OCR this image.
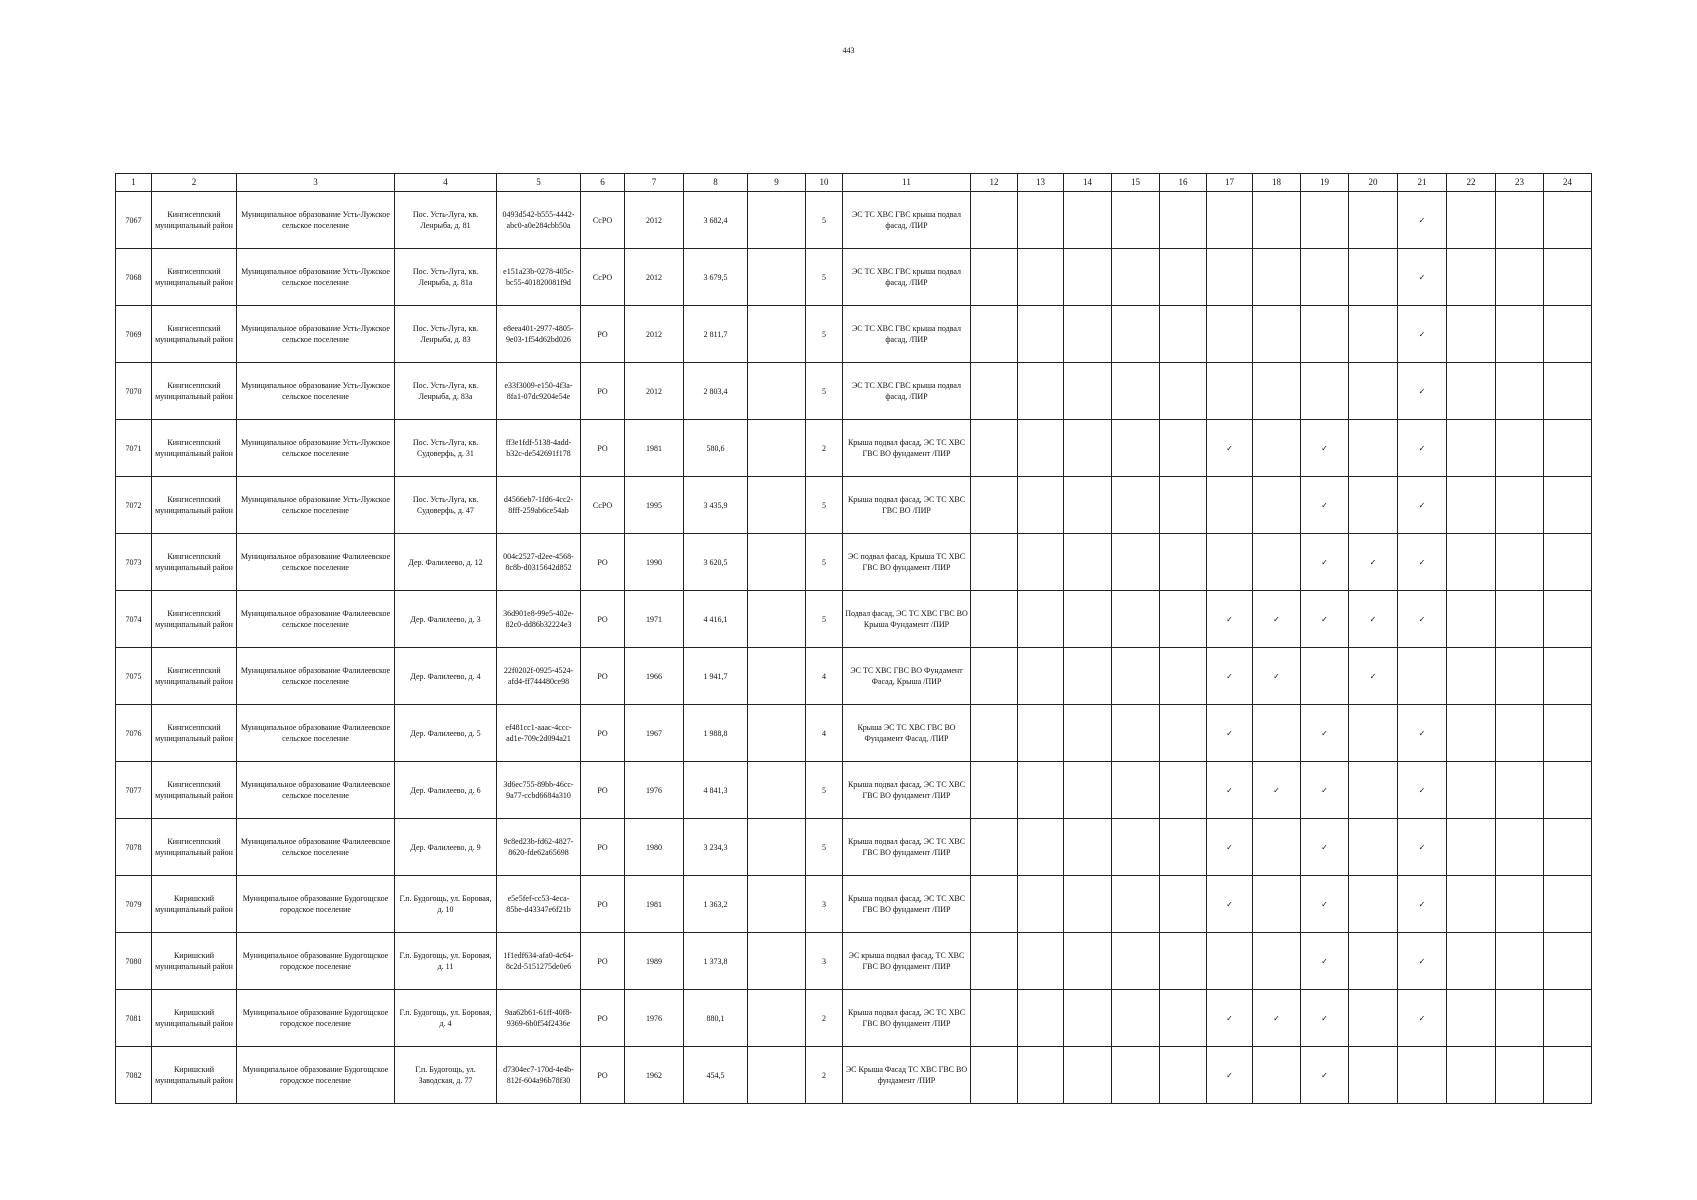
443
1	2	3	4	5	6	7	8	9	10	11	12	13	14	15	16	17	18	19	20	21	22	23	24
7067	Кингисеппский муниципальный район	Муниципальное образование Усть-Лужское сельское поселение	Пос. Усть-Луга, кв. Ленрыба, д. 81	0493d542-b555-4442-abc0-a0e284cbb50a	СсРО	2012	3 682,4		5	ЭС ТС ХВС ГВС крыша подвал фасад, /ПИР										✓			
7068	Кингисеппский муниципальный район	Муниципальное образование Усть-Лужское сельское поселение	Пос. Усть-Луга, кв. Ленрыба, д. 81а	e151a23b-0278-405c-bc55-401820081f9d	СсРО	2012	3 679,5		5	ЭС ТС ХВС ГВС крыша подвал фасад, /ПИР										✓			
7069	Кингисеппский муниципальный район	Муниципальное образование Усть-Лужское сельское поселение	Пос. Усть-Луга, кв. Ленрыба, д. 83	e8eea401-2977-4805-9e03-1f54d62bd026	РО	2012	2 811,7		5	ЭС ТС ХВС ГВС крыша подвал фасад, /ПИР										✓			
7070	Кингисеппский муниципальный район	Муниципальное образование Усть-Лужское сельское поселение	Пос. Усть-Луга, кв. Ленрыба, д. 83а	e33f3009-e150-4f3a-8fa1-07dc9204e54e	РО	2012	2 803,4		5	ЭС ТС ХВС ГВС крыша подвал фасад, /ПИР										✓			
7071	Кингисеппский муниципальный район	Муниципальное образование Усть-Лужское сельское поселение	Пос. Усть-Луга, кв. Судоверфь, д. 31	ff3e1fdf-5138-4add-b32c-de542691f178	РО	1981	580,6		2	Крыша подвал фасад, ЭС ТС ХВС ГВС ВО фундамент /ПИР						✓		✓		✓			
7072	Кингисеппский муниципальный район	Муниципальное образование Усть-Лужское сельское поселение	Пос. Усть-Луга, кв. Судоверфь, д. 47	d4566eb7-1fd6-4cc2-8fff-259ab6ce54ab	СсРО	1995	3 435,9		5	Крыша подвал фасад, ЭС ТС ХВС ГВС ВО /ПИР								✓		✓			
7073	Кингисеппский муниципальный район	Муниципальное образование Фалилеевское сельское поселение	Дер. Фалилеево, д. 12	004c2527-d2ee-4568-8c8b-d0315642d852	РО	1990	3 620,5		5	ЭС подвал фасад, Крыша ТС ХВС ГВС ВО фундамент /ПИР								✓	✓	✓			
7074	Кингисеппский муниципальный район	Муниципальное образование Фалилеевское сельское поселение	Дер. Фалилеево, д. 3	36d901e8-99e5-402e-82c0-dd86b32224e3	РО	1971	4 416,1		5	Подвал фасад, ЭС ТС ХВС ГВС ВО Крыша Фундамент /ПИР						✓	✓	✓	✓	✓			
7075	Кингисеппский муниципальный район	Муниципальное образование Фалилеевское сельское поселение	Дер. Фалилеево, д. 4	22f0202f-0925-4524-afd4-ff744480ce98	РО	1966	1 941,7		4	ЭС ТС ХВС ГВС ВО Фундамент Фасад, Крыша /ПИР						✓	✓		✓				
7076	Кингисеппский муниципальный район	Муниципальное образование Фалилеевское сельское поселение	Дер. Фалилеево, д. 5	ef481cc1-aaac-4ccc-ad1e-709c2d094a21	РО	1967	1 988,8		4	Крыша ЭС ТС ХВС ГВС ВО Фундамент Фасад, /ПИР						✓		✓		✓			
7077	Кингисеппский муниципальный район	Муниципальное образование Фалилеевское сельское поселение	Дер. Фалилеево, д. 6	3d6ec755-89bb-46cc-9a77-ccbd6684a310	РО	1976	4 841,3		5	Крыша подвал фасад, ЭС ТС ХВС ГВС ВО фундамент /ПИР						✓	✓	✓		✓			
7078	Кингисеппский муниципальный район	Муниципальное образование Фалилеевское сельское поселение	Дер. Фалилеево, д. 9	9c8ed23b-fd62-4827-8620-fde62a65698	РО	1980	3 234,3		5	Крыша подвал фасад, ЭС ТС ХВС ГВС ВО фундамент /ПИР						✓		✓		✓			
7079	Киришский муниципальный район	Муниципальное образование Будогощское городское поселение	Г.п. Будогощь, ул. Боровая, д. 10	e5e5fef-cc53-4eca-85be-d43347e6f21b	РО	1981	1 363,2		3	Крыша подвал фасад, ЭС ТС ХВС ГВС ВО фундамент /ПИР						✓		✓		✓			
7080	Киришский муниципальный район	Муниципальное образование Будогощское городское поселение	Г.п. Будогощь, ул. Боровая, д. 11	1f1edf634-afa0-4c64-8c2d-5151275de0e6	РО	1989	1 373,8		3	ЭС крыша подвал фасад, ТС ХВС ГВС ВО фундамент /ПИР								✓		✓			
7081	Киришский муниципальный район	Муниципальное образование Будогощское городское поселение	Г.п. Будогощь, ул. Боровая, д. 4	9aa62b61-61ff-40f8-9369-6b0f54f2436e	РО	1976	880,1		2	Крыша подвал фасад, ЭС ТС ХВС ГВС ВО фундамент /ПИР						✓	✓	✓		✓			
7082	Киришский муниципальный район	Муниципальное образование Будогощское городское поселение	Г.п. Будогощь, ул. Заводская, д. 77	d7304ec7-170d-4e4b-812f-604a96b78f30	РО	1962	454,5		2	ЭС Крыша Фасад ТС ХВС ГВС ВО фундамент /ПИР						✓		✓					
